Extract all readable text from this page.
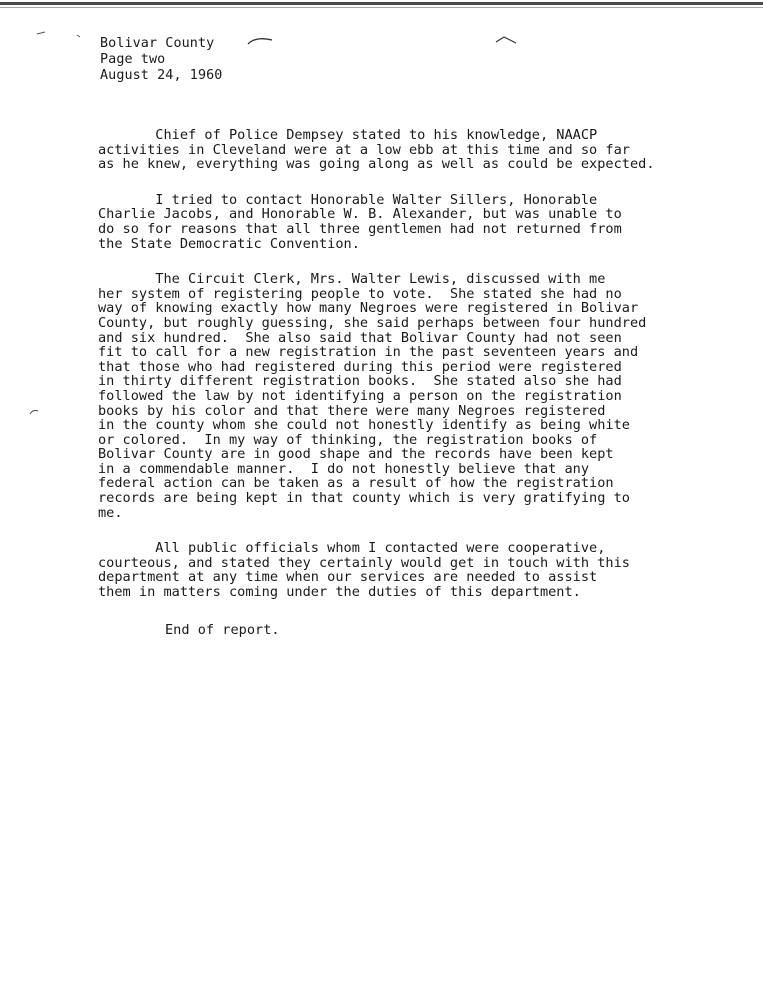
Bolivar County
Page two
August 24, 1960
Chief of Police Dempsey stated to his knowledge, NAACP
activities in Cleveland were at a low ebb at this time and so far
as he knew, everything was going along as well as could be expected.
I tried to contact Honorable Walter Sillers, Honorable
Charlie Jacobs, and Honorable W. B. Alexander, but was unable to
do so for reasons that all three gentlemen had not returned from
the State Democratic Convention.
The Circuit Clerk, Mrs. Walter Lewis, discussed with me
her system of registering people to vote.  She stated she had no
way of knowing exactly how many Negroes were registered in Bolivar
County, but roughly guessing, she said perhaps between four hundred
and six hundred.  She also said that Bolivar County had not seen
fit to call for a new registration in the past seventeen years and
that those who had registered during this period were registered
in thirty different registration books.  She stated also she had
followed the law by not identifying a person on the registration
books by his color and that there were many Negroes registered
in the county whom she could not honestly identify as being white
or colored.  In my way of thinking, the registration books of
Bolivar County are in good shape and the records have been kept
in a commendable manner.  I do not honestly believe that any
federal action can be taken as a result of how the registration
records are being kept in that county which is very gratifying to
me.
All public officials whom I contacted were cooperative,
courteous, and stated they certainly would get in touch with this
department at any time when our services are needed to assist
them in matters coming under the duties of this department.
End of report.
